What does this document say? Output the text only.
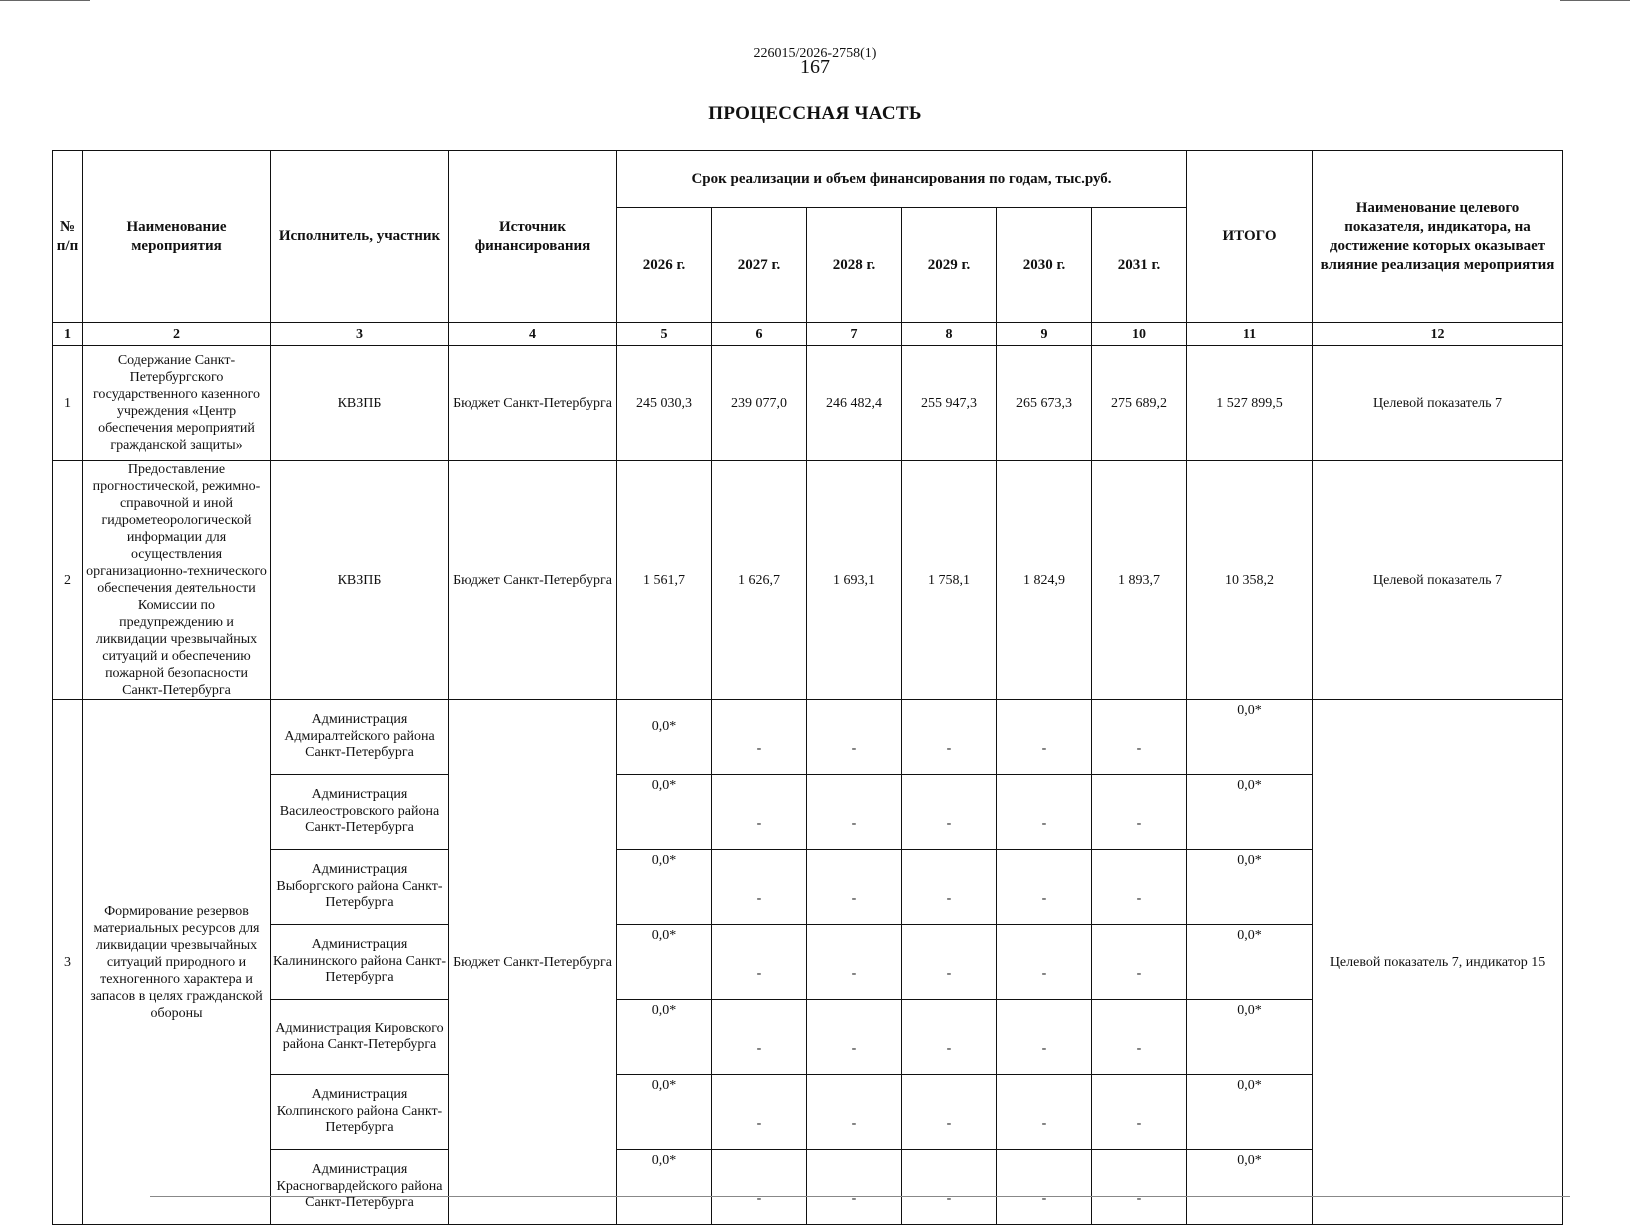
226015/2026-2758(1)
167
ПРОЦЕССНАЯ ЧАСТЬ
№ п/п	Наименование мероприятия	Исполнитель, участник	Источник финансирования	Срок реализации и объем финансирования по годам, тыс.руб.						ИТОГО	Наименование целевого показателя, индикатора, на достижение которых оказывает влияние реализация мероприятия
				2026 г.	2027 г.	2028 г.	2029 г.	2030 г.	2031 г.		
1	2	3	4	5	6	7	8	9	10	11	12
1	Содержание Санкт-Петербургского государственного казенного учреждения «Центр обеспечения мероприятий гражданской защиты»	КВЗПБ	Бюджет Санкт-Петербурга	245 030,3	239 077,0	246 482,4	255 947,3	265 673,3	275 689,2	1 527 899,5	Целевой показатель 7
2	Предоставление прогностической, режимно-справочной и иной гидрометеорологической информации для осуществления организационно-технического обеспечения деятельности Комиссии по предупреждению и ликвидации чрезвычайных ситуаций и обеспечению пожарной безопасности Санкт-Петербурга	КВЗПБ	Бюджет Санкт-Петербурга	1 561,7	1 626,7	1 693,1	1 758,1	1 824,9	1 893,7	10 358,2	Целевой показатель 7
3	Формирование резервов материальных ресурсов для ликвидации чрезвычайных ситуаций природного и техногенного характера и запасов в целях гражданской обороны	Администрация Адмиралтейского района Санкт-Петербурга	Бюджет Санкт-Петербурга	0,0*	-	-	-	-	-	0,0*	Целевой показатель 7, индикатор 15
		Администрация Василеостровского района Санкт-Петербурга		0,0*	-	-	-	-	-	0,0*	
		Администрация Выборгского района Санкт-Петербурга		0,0*	-	-	-	-	-	0,0*	
		Администрация Калининского района Санкт-Петербурга		0,0*	-	-	-	-	-	0,0*	
		Администрация Кировского района Санкт-Петербурга		0,0*	-	-	-	-	-	0,0*	
		Администрация Колпинского района Санкт-Петербурга		0,0*	-	-	-	-	-	0,0*	
		Администрация Красногвардейского района Санкт-Петербурга		0,0*	-	-	-	-	-	0,0*	
